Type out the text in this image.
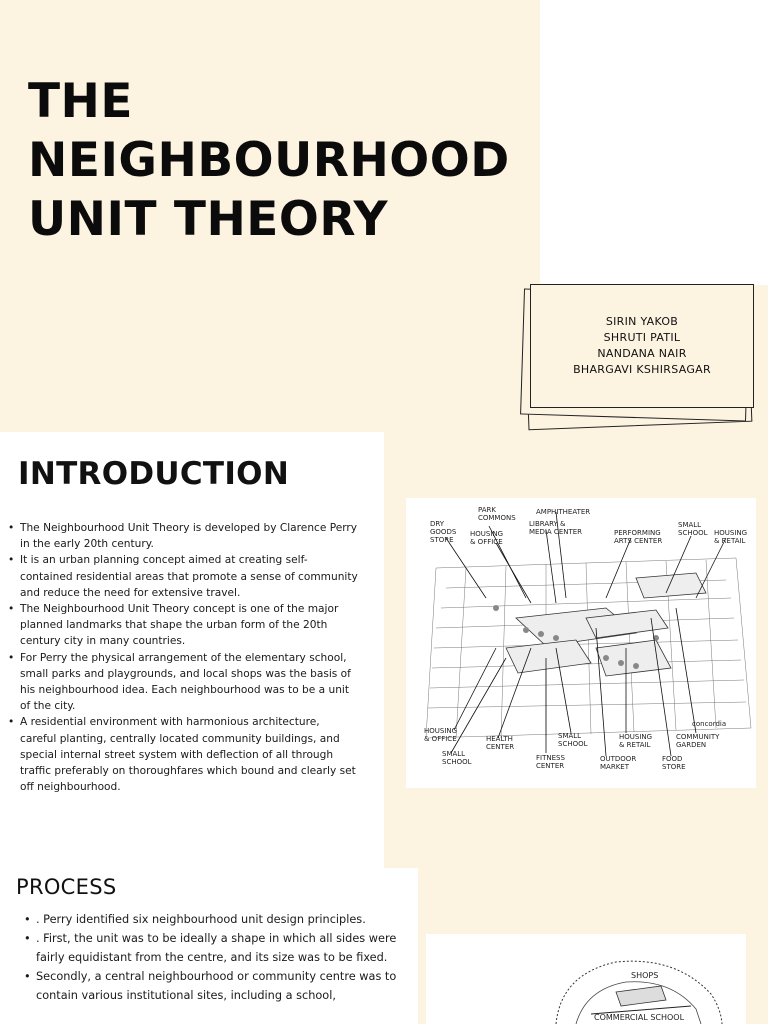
THE
NEIGHBOURHOOD
UNIT THEORY
SIRIN YAKOB
SHRUTI PATIL
NANDANA NAIR
BHARGAVI KSHIRSAGAR
INTRODUCTION
• The Neighbourhood Unit Theory is developed by Clarence Perry in the early 20th century.
• It is an urban planning concept aimed at creating self-contained residential areas that promote a sense of community and reduce the need for extensive travel.
• The Neighbourhood Unit Theory concept is one of the major planned landmarks that shape the urban form of the 20th century city in many countries.
• For Perry the physical arrangement of the elementary school, small parks and playgrounds, and local shops was the basis of his neighbourhood idea. Each neighbourhood was to be a unit of the city.
• A residential environment with harmonious architecture, careful planting, centrally located community buildings, and special internal street system with deflection of all through traffic preferably on thoroughfares which bound and clearly set off neighbourhood.
DRY
GOODS
STORE
PARK
COMMONS
HOUSING
& OFFICE
AMPHITHEATER
LIBRARY &
MEDIA CENTER	PERFORMING
ARTS CENTER
SMALL
SCHOOL HOUSING
& RETAIL
HOUSING
& OFFICE
SMALL
SCHOOL
HEALTH
CENTER
FITNESS
CENTER
SMALL
SCHOOL
OUTDOOR
MARKET
HOUSING
& RETAIL
FOOD
STORE
COMMUNITY
GARDEN
concordia
PROCESS
• . Perry identified six neighbourhood unit design principles.
• . First, the unit was to be ideally a shape in which all sides were fairly equidistant from the centre, and its size was to be fixed.
• Secondly, a central neighbourhood or community centre was to contain various institutional sites, including a school,
SHOPS
COMMERCIAL SCHOOL
